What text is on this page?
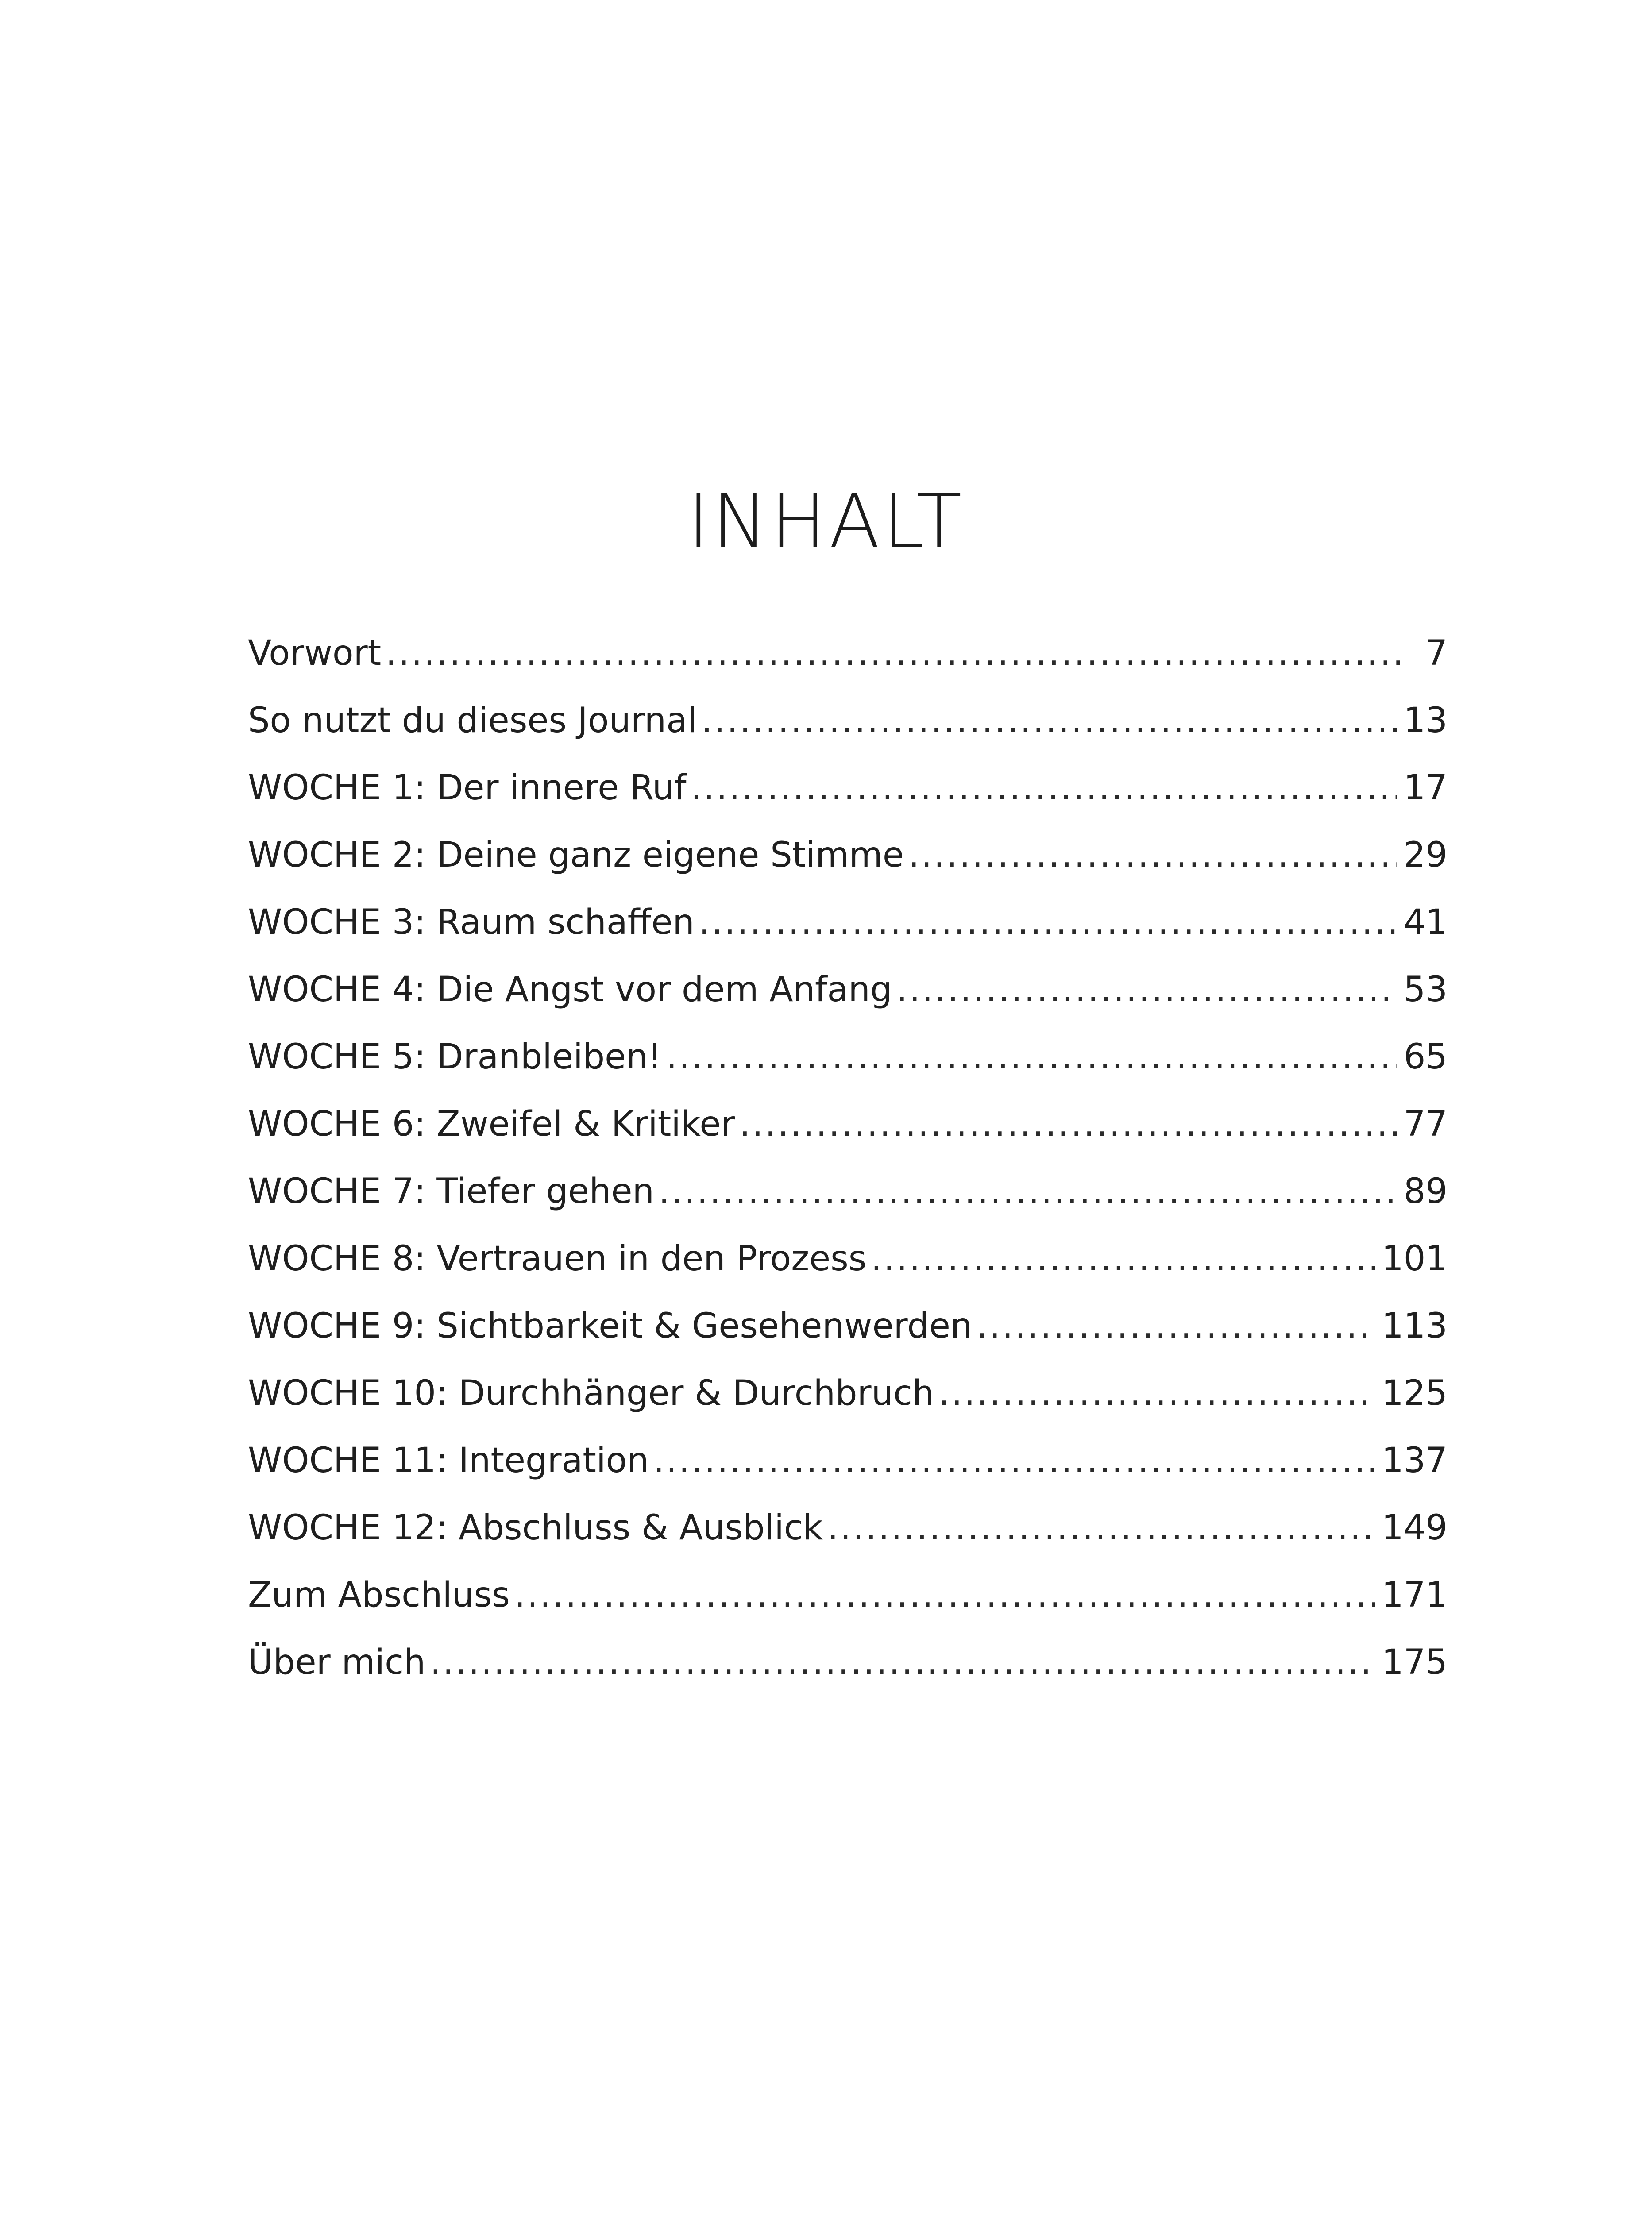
INHALT
Vorwort .....	7
So nutzt du dieses Journal .....	13
WOCHE 1: Der innere Ruf .....	17
WOCHE 2: Deine ganz eigene Stimme .....	29
WOCHE 3: Raum schaffen .....	41
WOCHE 4: Die Angst vor dem Anfang .....	53
WOCHE 5: Dranbleiben! .....	65
WOCHE 6: Zweifel & Kritiker .....	77
WOCHE 7: Tiefer gehen .....	89
WOCHE 8: Vertrauen in den Prozess .....	101
WOCHE 9: Sichtbarkeit & Gesehenwerden .....	113
WOCHE 10: Durchhänger & Durchbruch .....	125
WOCHE 11: Integration .....	137
WOCHE 12: Abschluss & Ausblick .....	149
Zum Abschluss .....	171
Über mich .....	175
